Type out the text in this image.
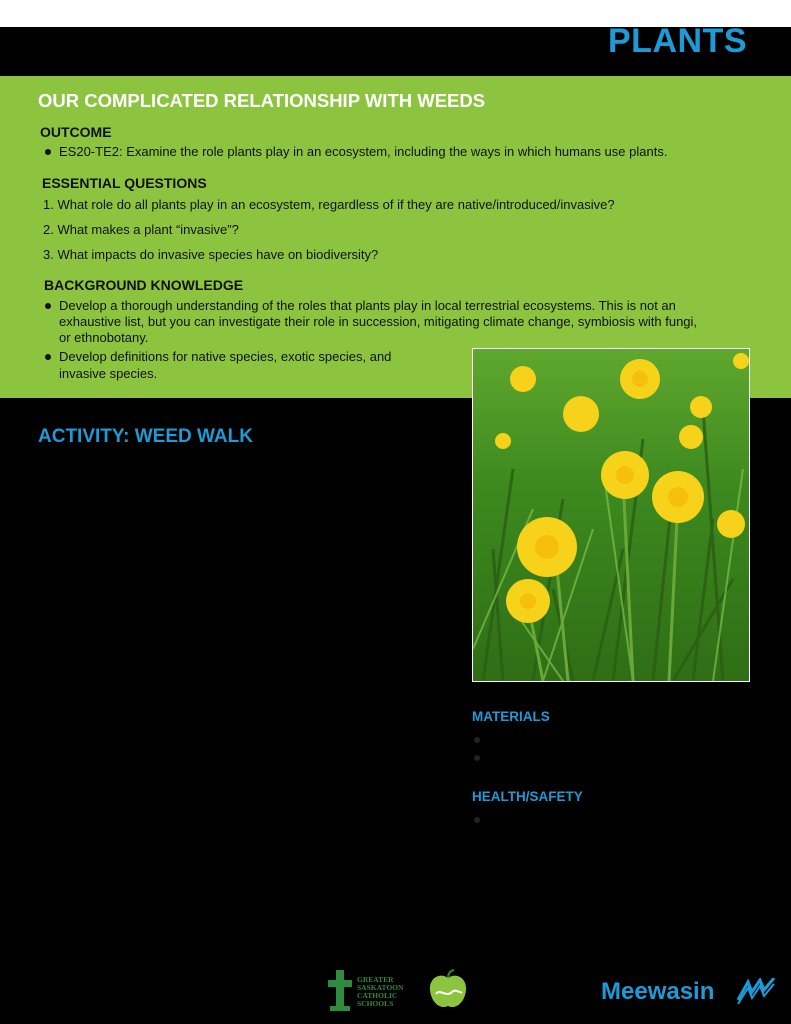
PLANTS
OUR COMPLICATED RELATIONSHIP WITH WEEDS
OUTCOME

ES20-TE2: Examine the role plants play in an ecosystem, including the ways in which humans use plants.

ESSENTIAL QUESTIONS

1. What role do all plants play in an ecosystem, regardless of if they are native/introduced/invasive?

2. What makes a plant “invasive”?

3. What impacts do invasive species have on biodiversity?

BACKGROUND KNOWLEDGE

Develop a thorough understanding of the roles that plants play in local terrestrial ecosystems. This is not an

exhaustive list, but you can investigate their role in succession, mitigating climate change, symbiosis with fungi,

or ethnobotany.

Develop definitions for native species, exotic species, and

invasive species.

ACTIVITY: WEED WALK
MATERIALS
HEALTH/SAFETY
GREATER
SASKATOON
CATHOLIC
SCHOOLS	Meewasin
